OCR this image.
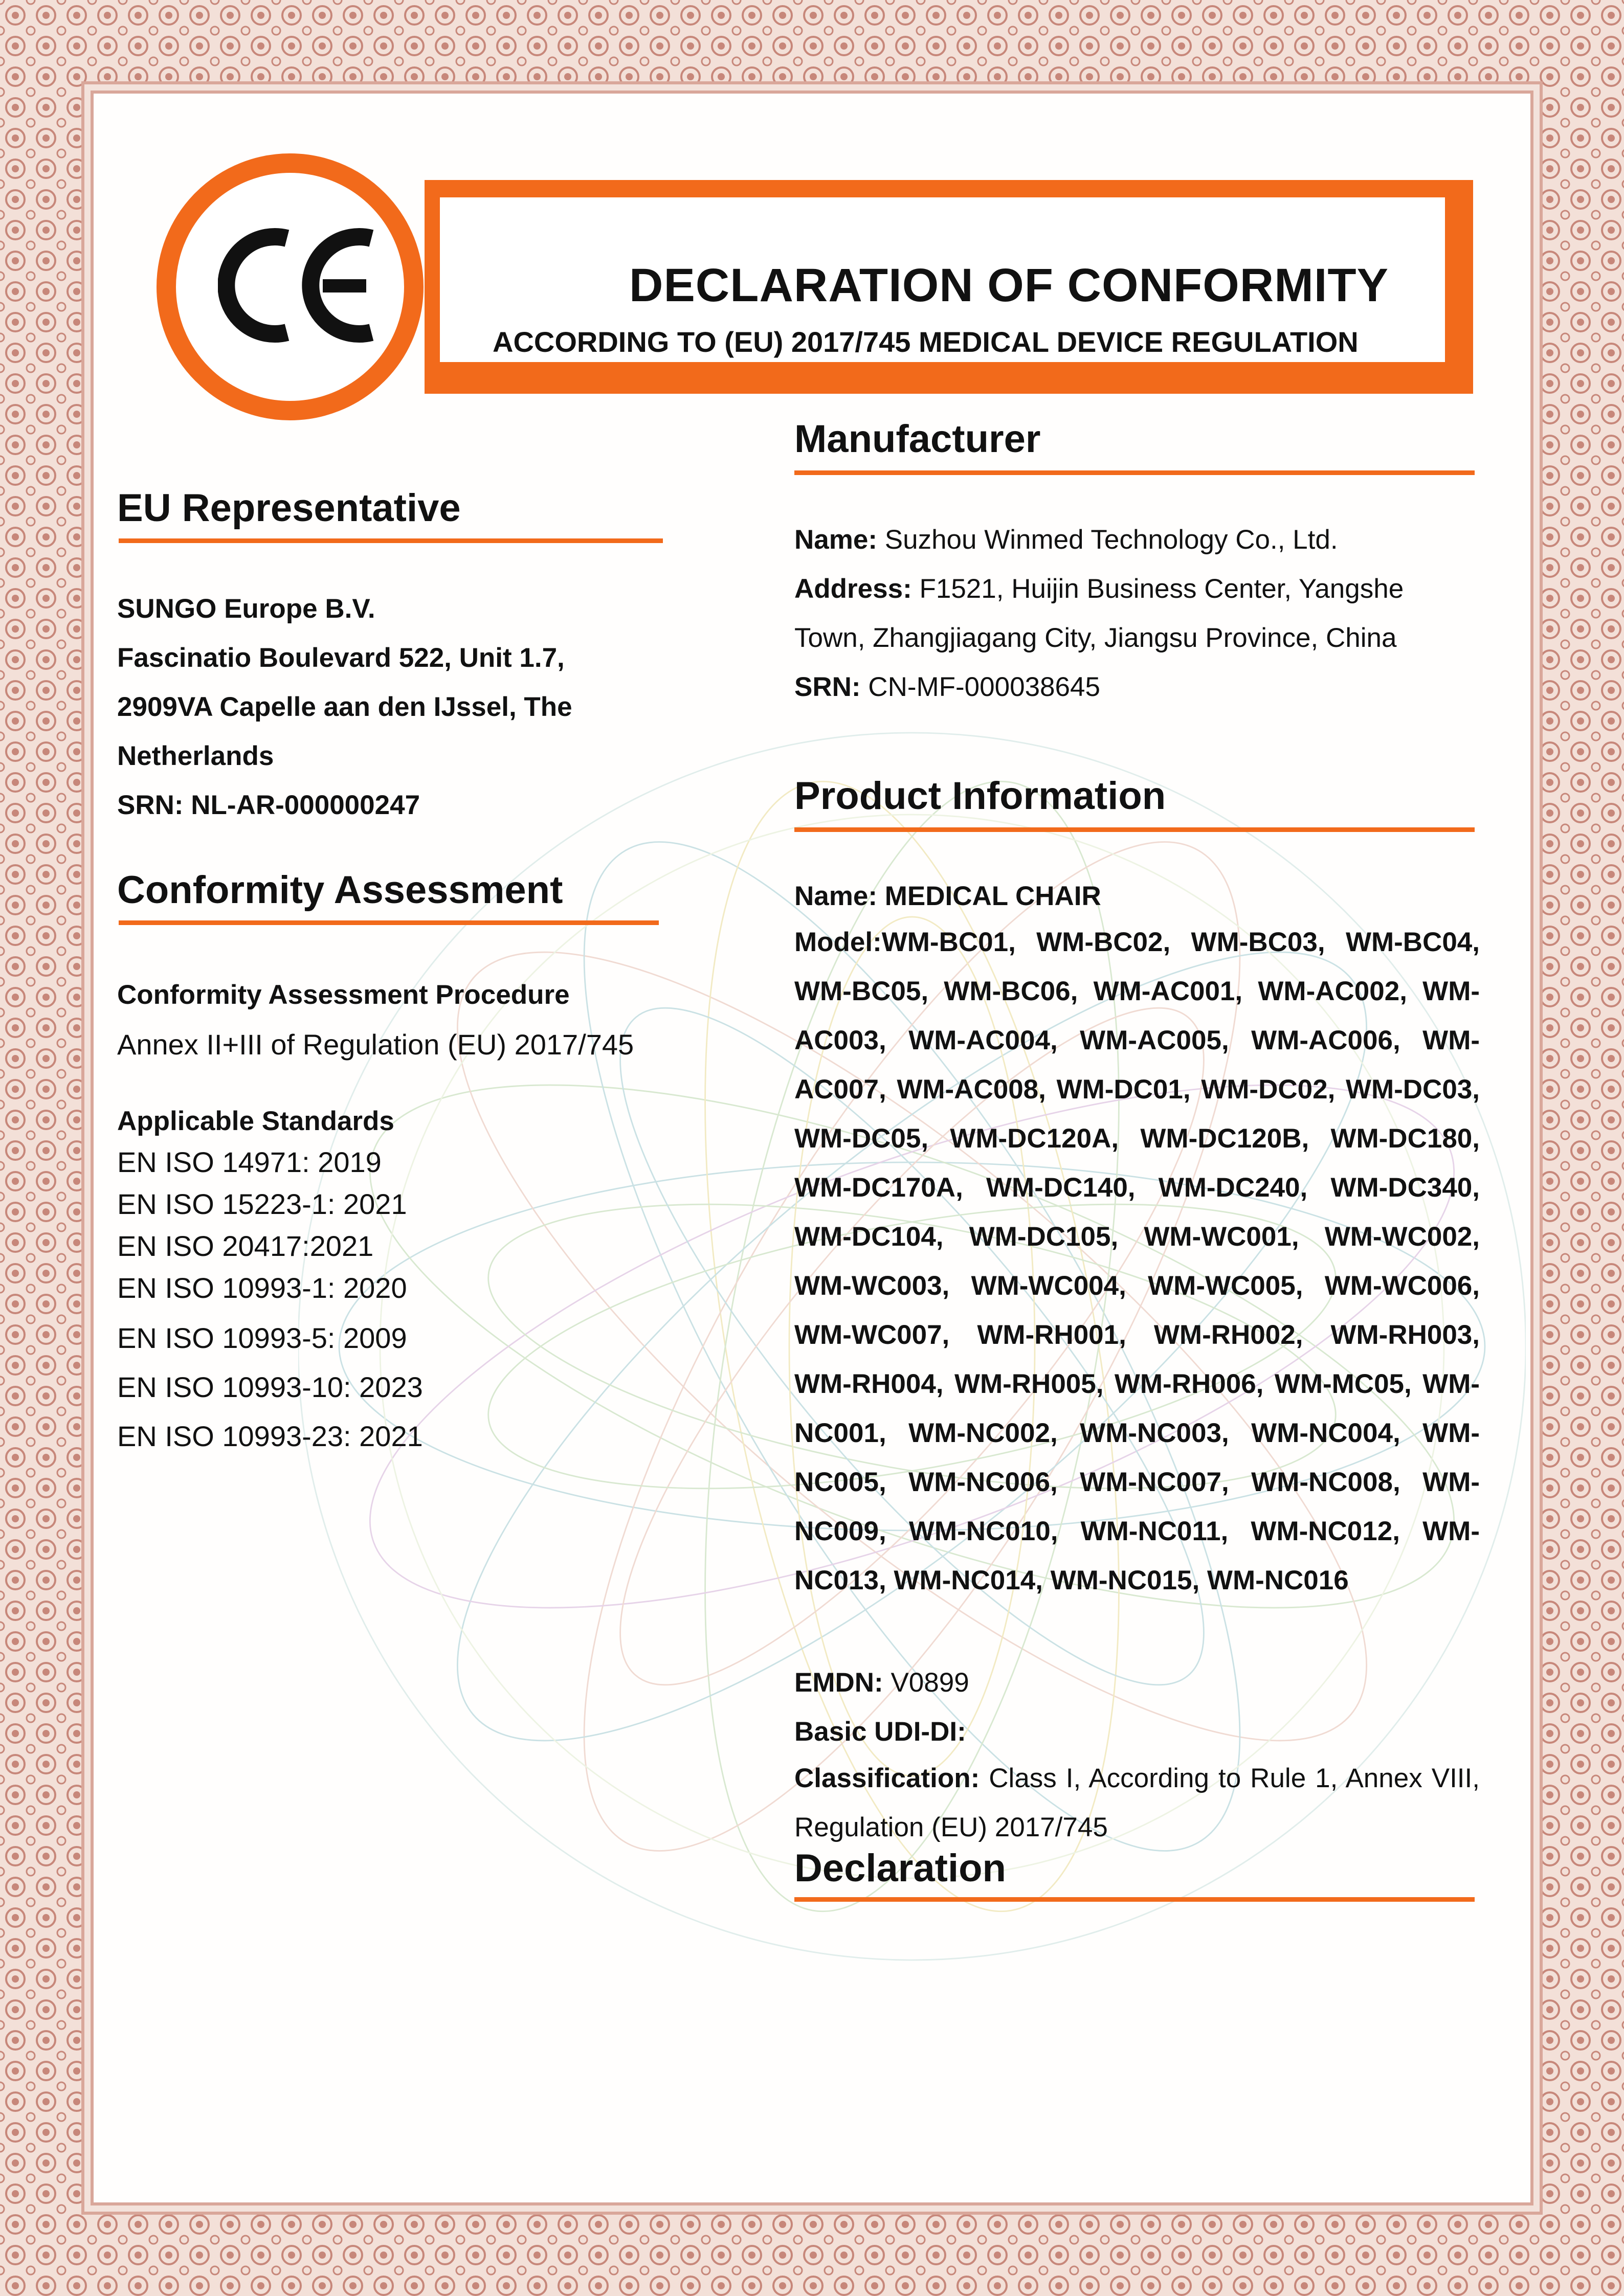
DECLARATION OF CONFORMITY

ACCORDING TO (EU) 2017/745 MEDICAL DEVICE REGULATION

EU Representative

SUNGO Europe B.V.

Fascinatio Boulevard 522, Unit 1.7,

2909VA Capelle aan den IJssel, The

Netherlands

SRN: NL-AR-000000247

Conformity Assessment

Conformity Assessment Procedure

Annex II+III of Regulation (EU) 2017/745

Applicable Standards

EN ISO 14971: 2019

EN ISO 15223-1: 2021

EN ISO 20417:2021

EN ISO 10993-1: 2020

EN ISO 10993-5: 2009

EN ISO 10993-10: 2023

EN ISO 10993-23: 2021

Manufacturer

Name: Suzhou Winmed Technology Co., Ltd.

Address: F1521, Huijin Business Center, Yangshe

Town, Zhangjiagang City, Jiangsu Province, China

SRN: CN-MF-000038645

Product Information

Name: MEDICAL CHAIR

Model:WM-BC01, WM-BC02, WM-BC03, WM-BC04, WM-BC05, WM-BC06, WM-AC001, WM-AC002, WM-AC003, WM-AC004, WM-AC005, WM-AC006, WM-AC007, WM-AC008, WM-DC01, WM-DC02, WM-DC03, WM-DC05, WM-DC120A, WM-DC120B, WM-DC180, WM-DC170A, WM-DC140, WM-DC240, WM-DC340, WM-DC104, WM-DC105, WM-WC001, WM-WC002, WM-WC003, WM-WC004, WM-WC005, WM-WC006, WM-WC007, WM-RH001, WM-RH002, WM-RH003, WM-RH004, WM-RH005, WM-RH006, WM-MC05, WM-NC001, WM-NC002, WM-NC003, WM-NC004, WM-NC005, WM-NC006, WM-NC007, WM-NC008, WM-NC009, WM-NC010, WM-NC011, WM-NC012, WM-NC013, WM-NC014, WM-NC015, WM-NC016

EMDN: V0899

Basic UDI-DI:

Classification: Class I, According to Rule 1, Annex VIII, Regulation (EU) 2017/745

Declaration
